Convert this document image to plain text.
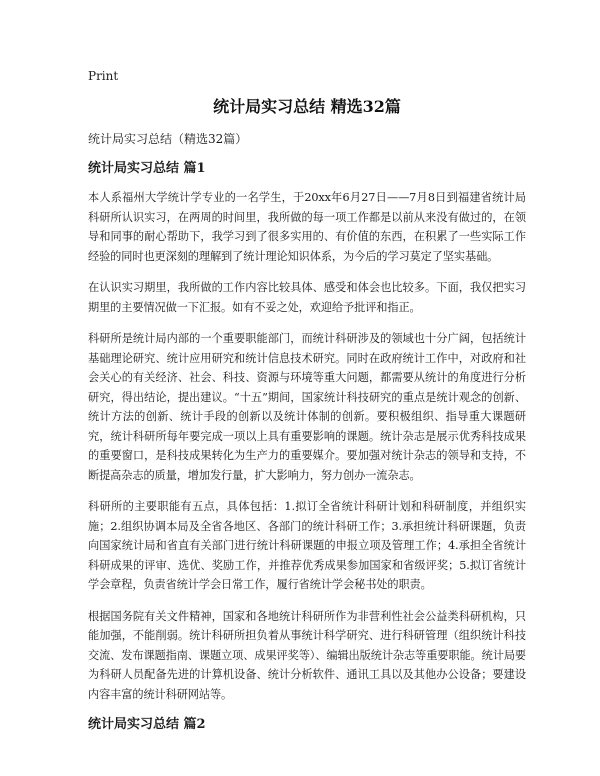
Print
统计局实习总结 精选32篇
统计局实习总结（精选32篇）
统计局实习总结 篇1

本人系福州大学统计学专业的一名学生，于20xx年6月27日——7月8日到福建省统计局科研所认识实习，在两周的时间里，我所做的每一项工作都是以前从来没有做过的，在领导和同事的耐心帮助下，我学习到了很多实用的、有价值的东西，在积累了一些实际工作经验的同时也更深刻的理解到了统计理论知识体系，为今后的学习莫定了坚实基础。

在认识实习期里，我所做的工作内容比较具体、感受和体会也比较多。下面，我仅把实习期里的主要情况做一下汇报。如有不妥之处，欢迎给予批评和指正。

科研所是统计局内部的一个重要职能部门，而统计科研涉及的领域也十分广阔，包括统计基础理论研究、统计应用研究和统计信息技术研究。同时在政府统计工作中，对政府和社会关心的有关经济、社会、科技、资源与环境等重大问题，都需要从统计的角度进行分析研究，得出结论，提出建议。“十五”期间，国家统计科技研究的重点是统计观念的创新、统计方法的创新、统计手段的创新以及统计体制的创新。要积极组织、指导重大课题研究，统计科研所每年要完成一项以上具有重要影响的课题。统计杂志是展示优秀科技成果的重要窗口，是科技成果转化为生产力的重要媒介。要加强对统计杂志的领导和支持，不断提高杂志的质量，增加发行量，扩大影响力，努力创办一流杂志。

科研所的主要职能有五点，具体包括：1.拟订全省统计科研计划和科研制度，并组织实施；2.组织协调本局及全省各地区、各部门的统计科研工作；3.承担统计科研课题，负责向国家统计局和省直有关部门进行统计科研课题的申报立项及管理工作；4.承担全省统计科研成果的评审、选优、奖励工作，并推荐优秀成果参加国家和省级评奖；5.拟订省统计学会章程，负责省统计学会日常工作，履行省统计学会秘书处的职责。

根据国务院有关文件精神，国家和各地统计科研所作为非营利性社会公益类科研机构，只能加强，不能削弱。统计科研所担负着从事统计科学研究、进行科研管理（组织统计科技交流、发布课题指南、课题立项、成果评奖等）、编辑出版统计杂志等重要职能。统计局要为科研人员配备先进的计算机设备、统计分析软件、通讯工具以及其他办公设备；要建设内容丰富的统计科研网站等。

统计局实习总结 篇2
